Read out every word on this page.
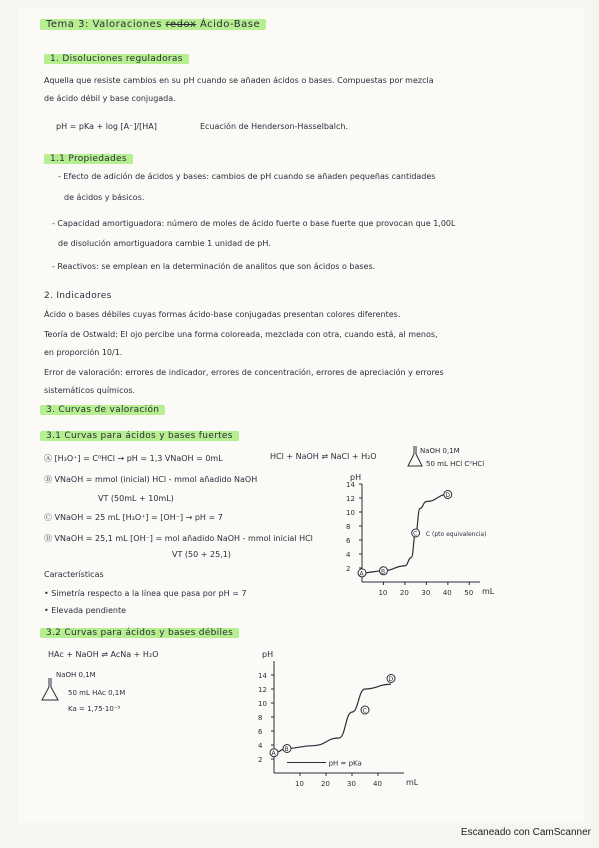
Tema 3: Valoraciones redox Ácido-Base
1. Disoluciones reguladoras
Aquella que resiste cambios en su pH cuando se añaden ácidos o bases. Compuestas por mezcla
de ácido débil y base conjugada.
pH = pKa + log [A⁻]/[HA]	Ecuación de Henderson-Hasselbalch.
1.1 Propiedades
- Efecto de adición de ácidos y bases: cambios de pH cuando se añaden pequeñas cantidades
de ácidos y básicos.
- Capacidad amortiguadora: número de moles de ácido fuerte o base fuerte que provocan que 1,00L
de disolución amortiguadora cambie 1 unidad de pH.
- Reactivos: se emplean en la determinación de analitos que son ácidos o bases.
2. Indicadores
Ácido o bases débiles cuyas formas ácido-base conjugadas presentan colores diferentes.
Teoría de Ostwald: El ojo percibe una forma coloreada, mezclada con otra, cuando está, al menos,
en proporción 10/1.
Error de valoración: errores de indicador, errores de concentración, errores de apreciación y errores
sistemáticos químicos.
3. Curvas de valoración
3.1 Curvas para ácidos y bases fuertes
Ⓐ [H₃O⁺] = C⁰HCl → pH = 1,3 VNaOH = 0mL	HCl + NaOH ⇌ NaCl + H₂O
NaOH 0,1M
50 mL HCl C⁰HCl
Ⓑ VNaOH = mmol (inicial) HCl - mmol añadido NaOH
VT (50mL + 10mL)
Ⓒ VNaOH = 25 mL [H₃O⁺] = [OH⁻] → pH = 7
Ⓓ VNaOH = 25,1 mL [OH⁻] = mol añadido NaOH - mmol inicial HCl
VT (50 + 25,1)
Características
• Simetría respecto a la línea que pasa por pH = 7
• Elevada pendiente
3.2 Curvas para ácidos y bases débiles
HAc + NaOH ⇌ AcNa + H₂O
NaOH 0,1M
50 mL HAc 0,1M
Ka = 1,75·10⁻⁵
pH
mL
10 20 30 40 50
2
4
6
8
10
12
14
A	B
C
D
C (pto equivalencia)
pH
mL
10 20 30 40
2
4
6
8
10
12
14
A
B
C
D
pH = pKa
Escaneado con CamScanner
